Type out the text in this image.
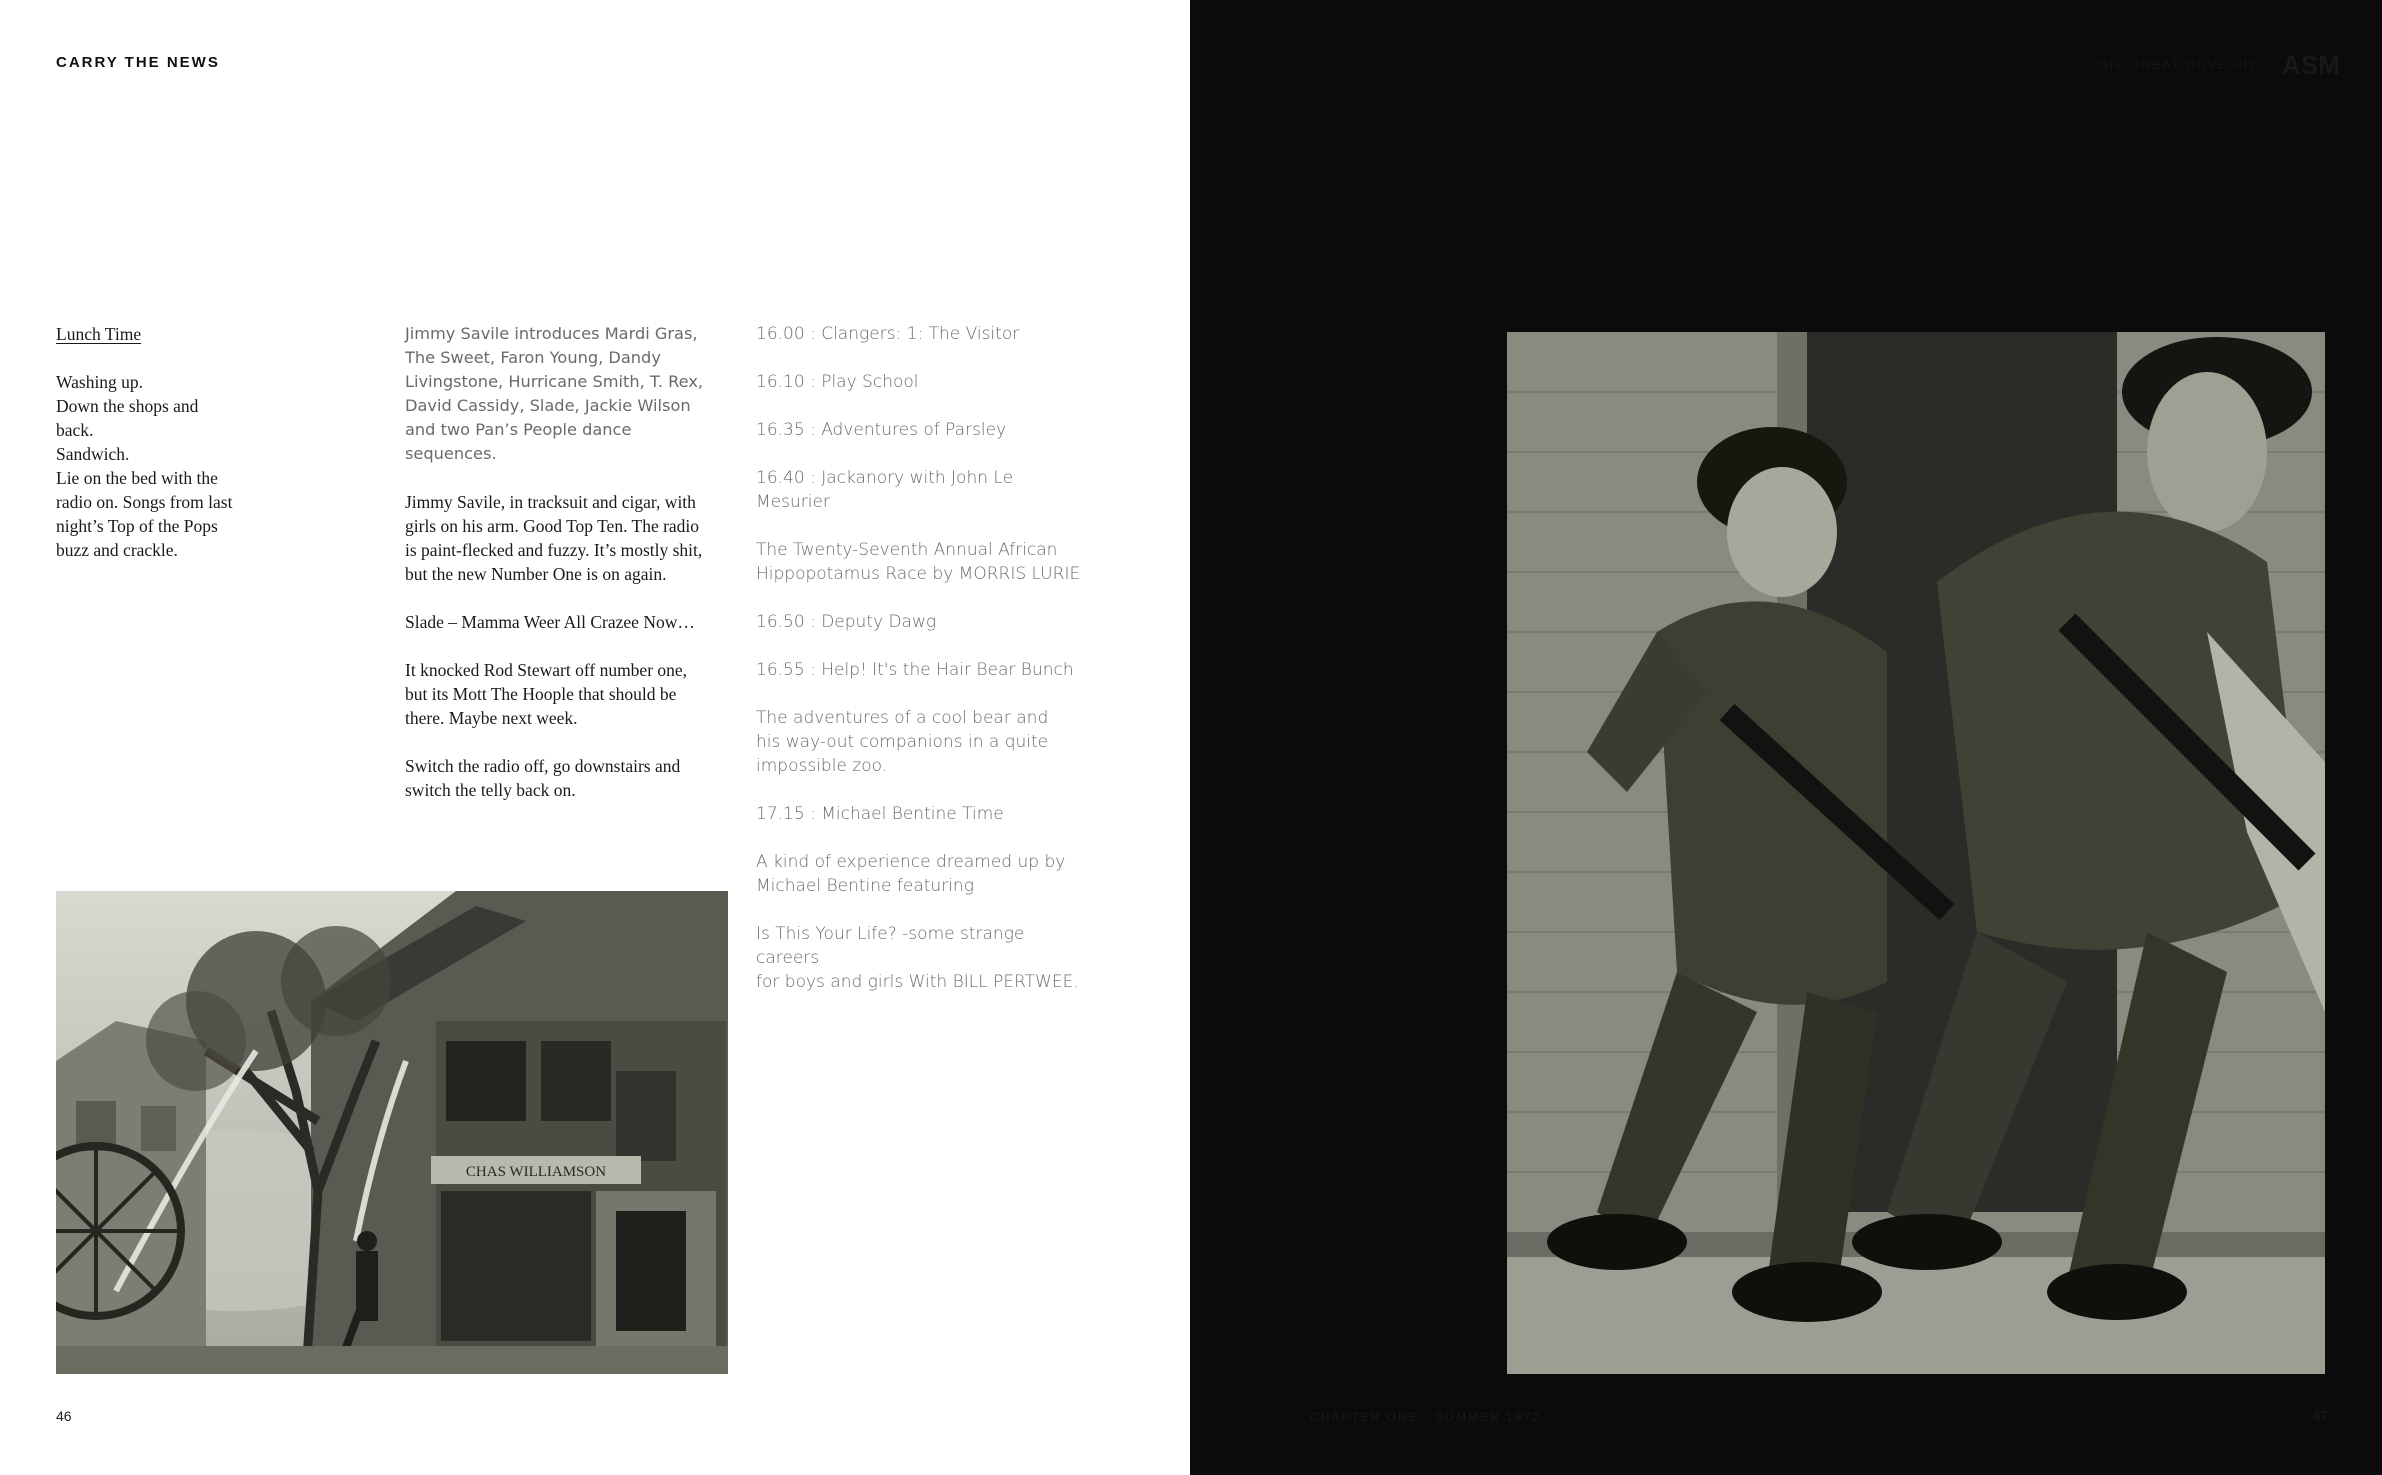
CARRY THE NEWS
Lunch Time
Washing up.
Down the shops and
back.
Sandwich.
Lie on the bed with the
radio on. Songs from last
night’s Top of the Pops
buzz and crackle.
Jimmy Savile introduces Mardi Gras,
The Sweet, Faron Young, Dandy
Livingstone, Hurricane Smith, T. Rex,
David Cassidy, Slade, Jackie Wilson
and two Pan’s People dance sequences.
Jimmy Savile, in tracksuit and cigar, with
girls on his arm. Good Top Ten. The radio
is paint-flecked and fuzzy. It’s mostly shit,
but the new Number One is on again.
Slade – Mamma Weer All Crazee Now…
It knocked Rod Stewart off number one,
but its Mott The Hoople that should be
there. Maybe next week.
Switch the radio off, go downstairs and
switch the telly back on.
16.00 : Clangers: 1: The Visitor
16.10 : Play School
16.35 : Adventures of Parsley
16.40 : Jackanory with John Le Mesurier
The Twenty-Seventh Annual African
Hippopotamus Race by MORRIS LURIE
16.50 : Deputy Dawg
16.55 : Help! It's the Hair Bear Bunch
The adventures of a cool bear and
his way-out companions in a quite
impossible zoo.
17.15 : Michael Bentine Time
A kind of experience dreamed up by
Michael Bentine featuring
Is This Your Life? -some strange careers
for boys and girls With BILL PERTWEE.
CHAS WILLIAMSON
46
THE GREAT DOVE HIT ASM
CHAPTER ONE · SUMMER 1972	47
